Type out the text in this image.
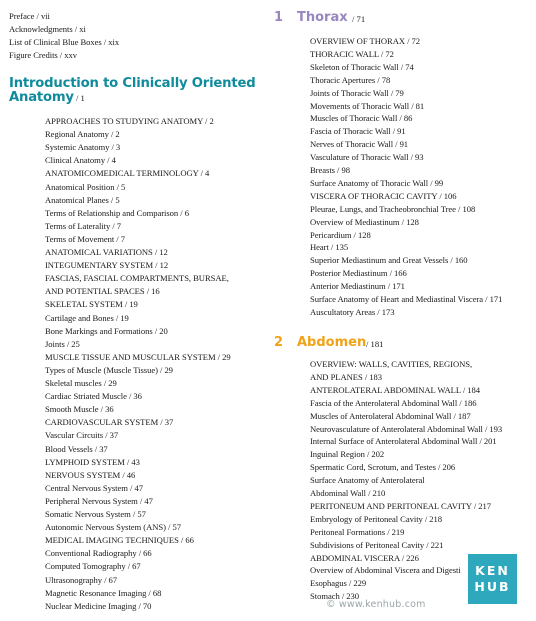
Preface / vii
Acknowledgments / xi
List of Clinical Blue Boxes / xix
Figure Credits / xxv
Introduction to Clinically Oriented
Anatomy / 1
APPROACHES TO STUDYING ANATOMY / 2
Regional Anatomy / 2
Systemic Anatomy / 3
Clinical Anatomy / 4
ANATOMICOMEDICAL TERMINOLOGY / 4
Anatomical Position / 5
Anatomical Planes / 5
Terms of Relationship and Comparison / 6
Terms of Laterality / 7
Terms of Movement / 7
ANATOMICAL VARIATIONS / 12
INTEGUMENTARY SYSTEM / 12
FASCIAS, FASCIAL COMPARTMENTS, BURSAE,
AND POTENTIAL SPACES / 16
SKELETAL SYSTEM / 19
Cartilage and Bones / 19
Bone Markings and Formations / 20
Joints / 25
MUSCLE TISSUE AND MUSCULAR SYSTEM / 29
Types of Muscle (Muscle Tissue) / 29
Skeletal muscles / 29
Cardiac Striated Muscle / 36
Smooth Muscle / 36
CARDIOVASCULAR SYSTEM / 37
Vascular Circuits / 37
Blood Vessels / 37
LYMPHOID SYSTEM / 43
NERVOUS SYSTEM / 46
Central Nervous System / 47
Peripheral Nervous System / 47
Somatic Nervous System / 57
Autonomic Nervous System (ANS) / 57
MEDICAL IMAGING TECHNIQUES / 66
Conventional Radiography / 66
Computed Tomography / 67
Ultrasonography / 67
Magnetic Resonance Imaging / 68
Nuclear Medicine Imaging / 70
1 Thorax / 71
OVERVIEW OF THORAX / 72
THORACIC WALL / 72
Skeleton of Thoracic Wall / 74
Thoracic Apertures / 78
Joints of Thoracic Wall / 79
Movements of Thoracic Wall / 81
Muscles of Thoracic Wall / 86
Fascia of Thoracic Wall / 91
Nerves of Thoracic Wall / 91
Vasculature of Thoracic Wall / 93
Breasts / 98
Surface Anatomy of Thoracic Wall / 99
VISCERA OF THORACIC CAVITY / 106
Pleurae, Lungs, and Tracheobronchial Tree / 108
Overview of Mediastinum / 128
Pericardium / 128
Heart / 135
Superior Mediastinum and Great Vessels / 160
Posterior Mediastinum / 166
Anterior Mediastinum / 171
Surface Anatomy of Heart and Mediastinal Viscera / 171
Auscultatory Areas / 173
2 Abdomen / 181
OVERVIEW: WALLS, CAVITIES, REGIONS,
AND PLANES / 183
ANTEROLATERAL ABDOMINAL WALL / 184
Fascia of the Anterolateral Abdominal Wall / 186
Muscles of Anterolateral Abdominal Wall / 187
Neurovasculature of Anterolateral Abdominal Wall / 193
Internal Surface of Anterolateral Abdominal Wall / 201
Inguinal Region / 202
Spermatic Cord, Scrotum, and Testes / 206
Surface Anatomy of Anterolateral
Abdominal Wall / 210
PERITONEUM AND PERITONEAL CAVITY / 217
Embryology of Peritoneal Cavity / 218
Peritoneal Formations / 219
Subdivisions of Peritoneal Cavity / 221
ABDOMINAL VISCERA / 226
Overview of Abdominal Viscera and Digesti
Esophagus / 229
Stomach / 230
KEN
HUB
© www.kenhub.com
